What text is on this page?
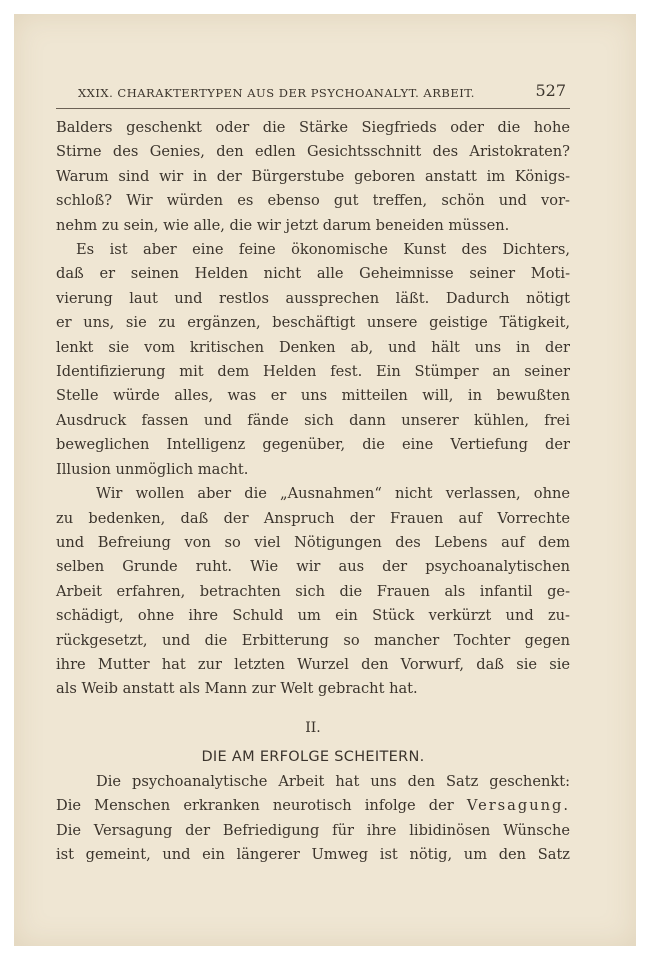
XXIX. CHARAKTERTYPEN AUS DER PSYCHOANALYT. ARBEIT.	527
Balders geschenkt oder die Stärke Siegfrieds oder die hohe
Stirne des Genies, den edlen Gesichtsschnitt des Aristokraten?
Warum sind wir in der Bürgerstube geboren anstatt im Königs-
schloß? Wir würden es ebenso gut treffen, schön und vor-
nehm zu sein, wie alle, die wir jetzt darum beneiden müssen.
Es ist aber eine feine ökonomische Kunst des Dichters,
daß er seinen Helden nicht alle Geheimnisse seiner Moti-
vierung laut und restlos aussprechen läßt. Dadurch nötigt
er uns, sie zu ergänzen, beschäftigt unsere geistige Tätigkeit,
lenkt sie vom kritischen Denken ab, und hält uns in der
Identifizierung mit dem Helden fest. Ein Stümper an seiner
Stelle würde alles, was er uns mitteilen will, in bewußten
Ausdruck fassen und fände sich dann unserer kühlen, frei
beweglichen Intelligenz gegenüber, die eine Vertiefung der
Illusion unmöglich macht.
Wir wollen aber die „Ausnahmen“ nicht verlassen, ohne
zu bedenken, daß der Anspruch der Frauen auf Vorrechte
und Befreiung von so viel Nötigungen des Lebens auf dem
selben Grunde ruht. Wie wir aus der psychoanalytischen
Arbeit erfahren, betrachten sich die Frauen als infantil ge-
schädigt, ohne ihre Schuld um ein Stück verkürzt und zu-
rückgesetzt, und die Erbitterung so mancher Tochter gegen
ihre Mutter hat zur letzten Wurzel den Vorwurf, daß sie sie
als Weib anstatt als Mann zur Welt gebracht hat.
II.
DIE AM ERFOLGE SCHEITERN.
Die psychoanalytische Arbeit hat uns den Satz geschenkt:
Die Menschen erkranken neurotisch infolge der Versagung.
Die Versagung der Befriedigung für ihre libidinösen Wünsche
ist gemeint, und ein längerer Umweg ist nötig, um den Satz
